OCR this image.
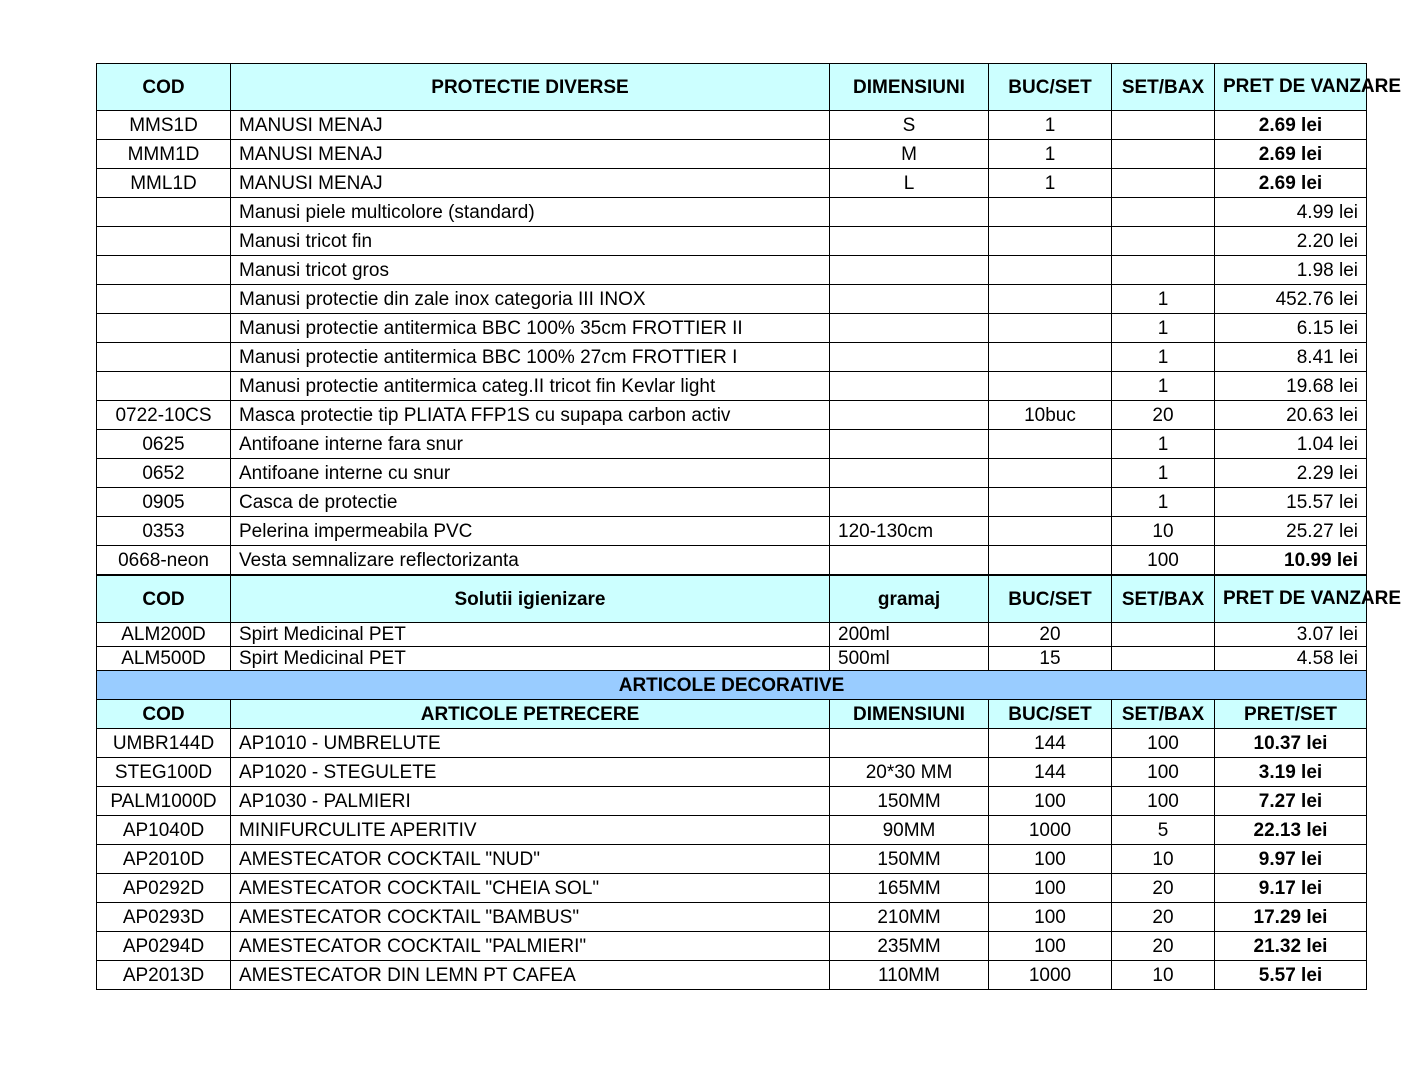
COD	PROTECTIE DIVERSE	DIMENSIUNI	BUC/SET	SET/BAX	PRET DE VANZARE
MMS1D	MANUSI MENAJ	S	1		2.69 lei
MMM1D	MANUSI MENAJ	M	1		2.69 lei
MML1D	MANUSI MENAJ	L	1		2.69 lei
	Manusi piele multicolore (standard)				4.99 lei
	Manusi tricot fin				2.20 lei
	Manusi tricot gros				1.98 lei
	Manusi protectie din zale inox categoria III INOX			1	452.76 lei
	Manusi protectie antitermica BBC 100% 35cm FROTTIER II			1	6.15 lei
	Manusi protectie antitermica BBC 100% 27cm FROTTIER I			1	8.41 lei
	Manusi protectie antitermica categ.II tricot fin Kevlar light			1	19.68 lei
0722-10CS	Masca protectie tip PLIATA FFP1S cu supapa carbon activ		10buc	20	20.63 lei
0625	Antifoane interne fara snur			1	1.04 lei
0652	Antifoane interne cu snur			1	2.29 lei
0905	Casca de protectie			1	15.57 lei
0353	Pelerina impermeabila PVC	120-130cm		10	25.27 lei
0668-neon	Vesta semnalizare reflectorizanta			100	10.99 lei
COD	Solutii igienizare	gramaj	BUC/SET	SET/BAX	PRET DE VANZARE
ALM200D	Spirt Medicinal PET	200ml	20		3.07 lei
ALM500D	Spirt Medicinal PET	500ml	15		4.58 lei
ARTICOLE DECORATIVE					
COD	ARTICOLE PETRECERE	DIMENSIUNI	BUC/SET	SET/BAX	PRET/SET
UMBR144D	AP1010 - UMBRELUTE		144	100	10.37 lei
STEG100D	AP1020 - STEGULETE	20*30 MM	144	100	3.19 lei
PALM1000D	AP1030 - PALMIERI	150MM	100	100	7.27 lei
AP1040D	MINIFURCULITE APERITIV	90MM	1000	5	22.13 lei
AP2010D	AMESTECATOR COCKTAIL "NUD"	150MM	100	10	9.97 lei
AP0292D	AMESTECATOR COCKTAIL "CHEIA SOL"	165MM	100	20	9.17 lei
AP0293D	AMESTECATOR COCKTAIL "BAMBUS"	210MM	100	20	17.29 lei
AP0294D	AMESTECATOR COCKTAIL "PALMIERI"	235MM	100	20	21.32 lei
AP2013D	AMESTECATOR DIN LEMN PT CAFEA	110MM	1000	10	5.57 lei
